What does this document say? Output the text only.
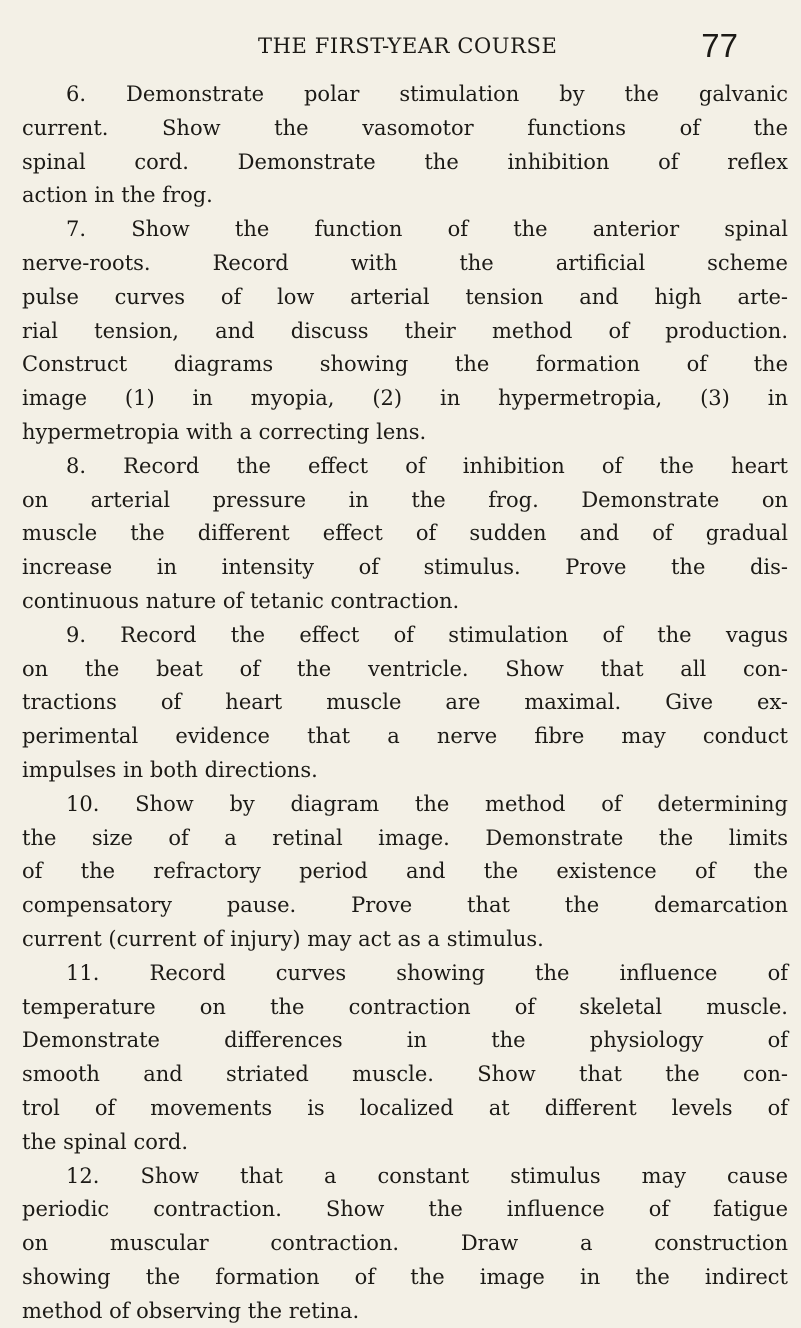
THE FIRST-YEAR COURSE	77

6. Demonstrate polar stimulation by the galvanic
current. Show the vasomotor functions of the
spinal cord. Demonstrate the inhibition of reflex
action in the frog.

7. Show the function of the anterior spinal
nerve-roots. Record with the artificial scheme
pulse curves of low arterial tension and high arte-
rial tension, and discuss their method of production.
Construct diagrams showing the formation of the
image (1) in myopia, (2) in hypermetropia, (3) in
hypermetropia with a correcting lens.

8. Record the effect of inhibition of the heart
on arterial pressure in the frog. Demonstrate on
muscle the different effect of sudden and of gradual
increase in intensity of stimulus. Prove the dis-
continuous nature of tetanic contraction.

9. Record the effect of stimulation of the vagus
on the beat of the ventricle. Show that all con-
tractions of heart muscle are maximal. Give ex-
perimental evidence that a nerve fibre may conduct
impulses in both directions.

10. Show by diagram the method of determining
the size of a retinal image. Demonstrate the limits
of the refractory period and the existence of the
compensatory pause. Prove that the demarcation
current (current of injury) may act as a stimulus.

11. Record curves showing the influence of
temperature on the contraction of skeletal muscle.
Demonstrate differences in the physiology of
smooth and striated muscle. Show that the con-
trol of movements is localized at different levels of
the spinal cord.

12. Show that a constant stimulus may cause
periodic contraction. Show the influence of fatigue
on muscular contraction. Draw a construction
showing the formation of the image in the indirect
method of observing the retina.
